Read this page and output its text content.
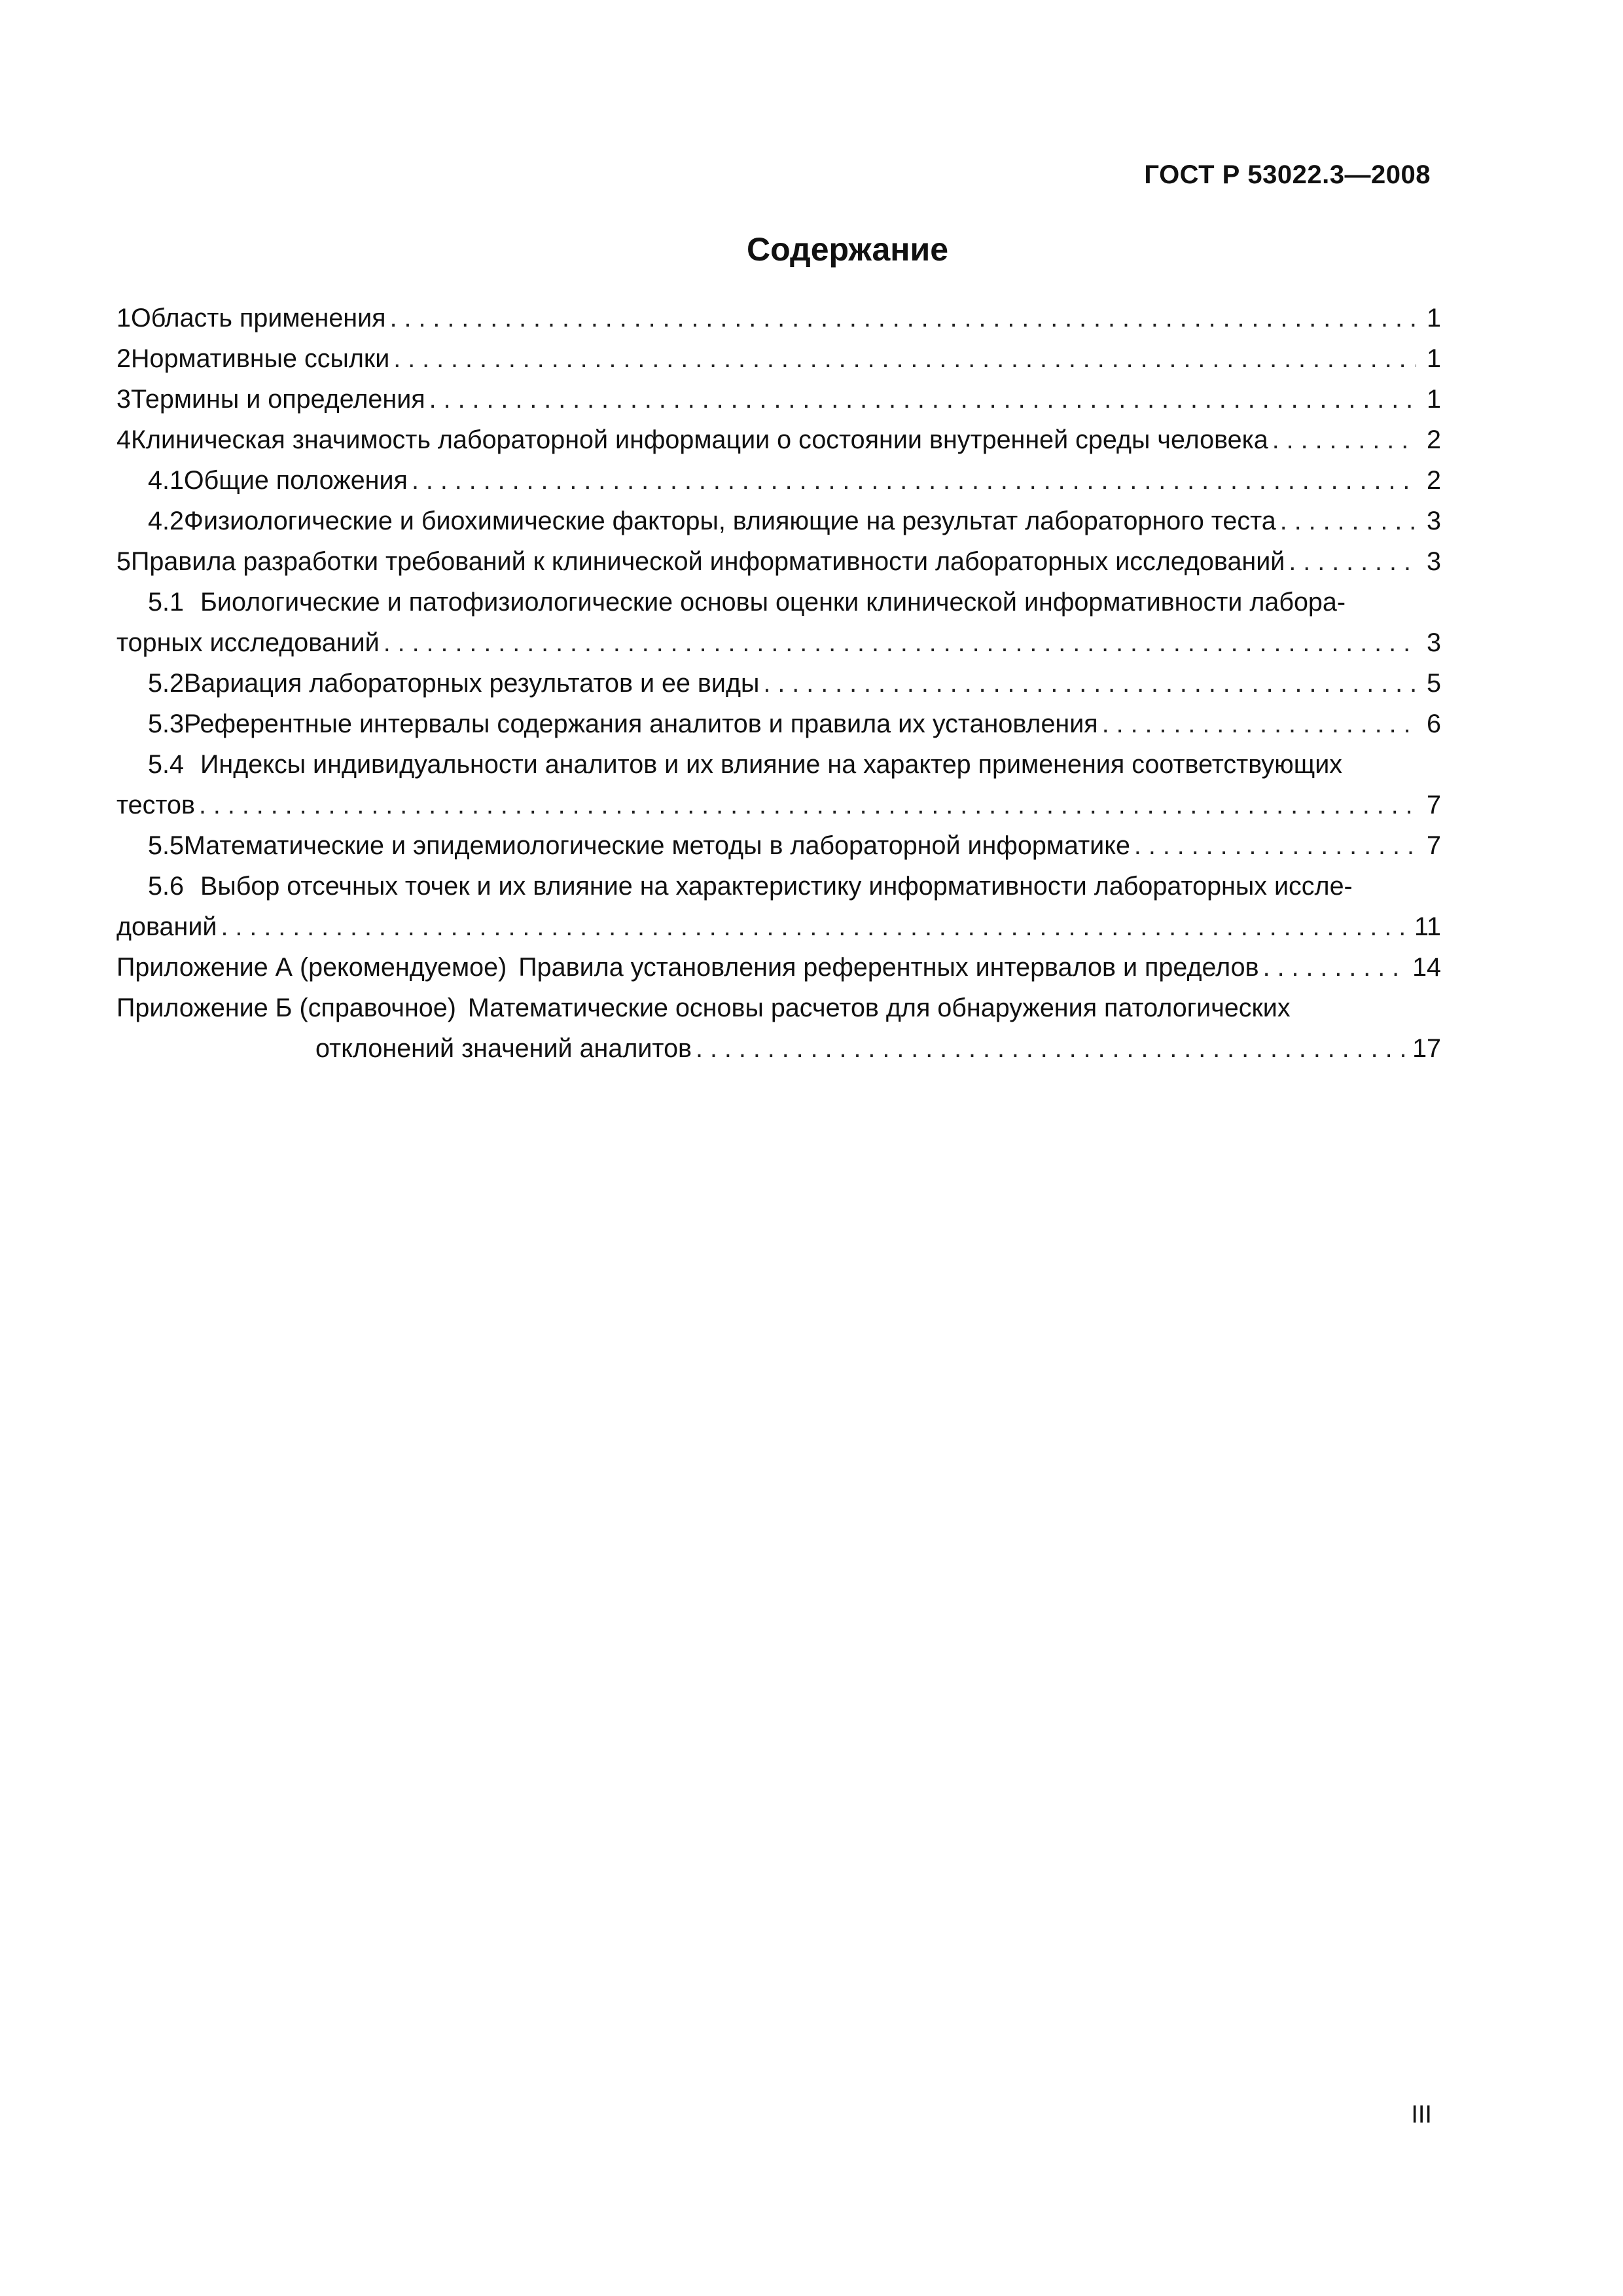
ГОСТ Р 53022.3—2008
Содержание
1 Область применения . . .	1
2 Нормативные ссылки . . .	1
3 Термины и определения . . .	1
4 Клиническая значимость лабораторной информации о состоянии внутренней среды человека . . .	2
4.1 Общие положения . . .	2
4.2 Физиологические и биохимические факторы, влияющие на результат лабораторного теста . . .	3
5 Правила разработки требований к клинической информативности лабораторных исследований . . .	3
5.1 Биологические и патофизиологические основы оценки клинической информативности лабора-
торных исследований . . .	3
5.2 Вариация лабораторных результатов и ее виды . . .	5
5.3 Референтные интервалы содержания аналитов и правила их установления . . .	6
5.4 Индексы индивидуальности аналитов и их влияние на характер применения соответствующих
тестов . . .	7
5.5 Математические и эпидемиологические методы в лабораторной информатике . . .	7
5.6 Выбор отсечных точек и их влияние на характеристику информативности лабораторных иссле-
дований . . .	11
Приложение А (рекомендуемое) Правила установления референтных интервалов и пределов . . .	14
Приложение Б (справочное) Математические основы расчетов для обнаружения патологических
отклонений значений аналитов . . .	17
III
